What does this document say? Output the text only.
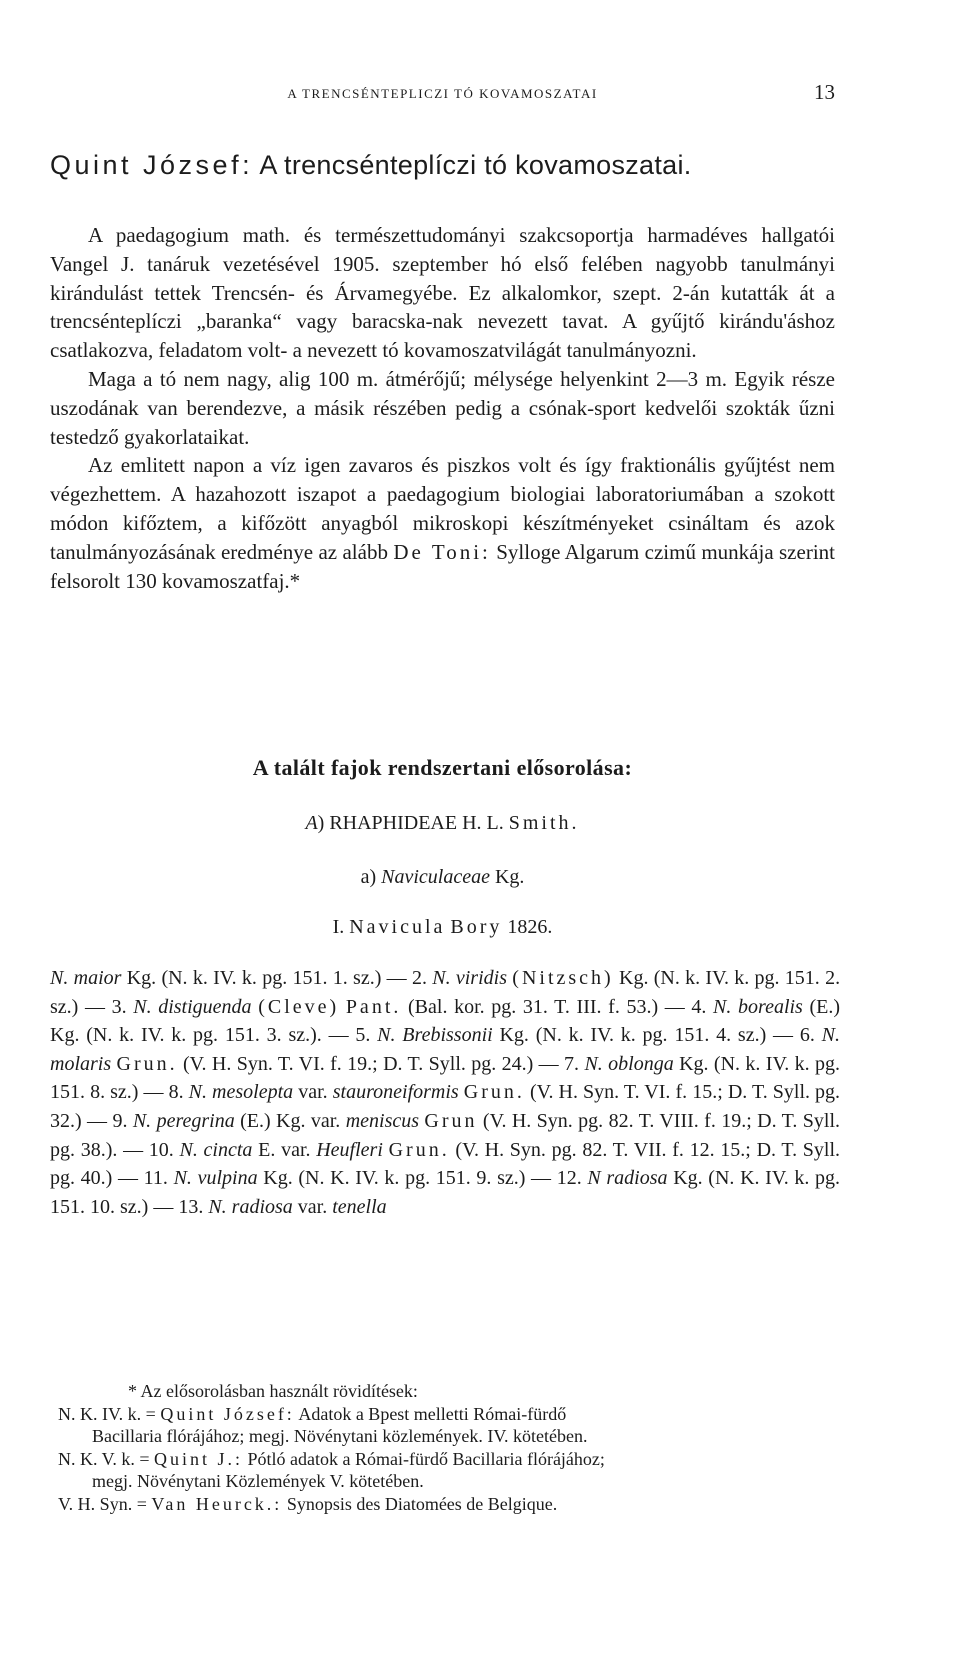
A TRENCSÉNTEPLICZI TÓ KOVAMOSZATAI	13
Quint József: A trencsénteplíczi tó kovamoszatai.

A paedagogium math. és természettudományi szakcsoportja harmadéves hallgatói Vangel J. tanáruk vezetésével 1905. szeptember hó első felében nagyobb tanulmányi kirándulást tettek Trencsén- és Árvamegyébe. Ez alkalomkor, szept. 2-án kutatták át a trencsénteplíczi „baranka“ vagy baracska-nak nevezett tavat. A gyűjtő kirándu'áshoz csatlakozva, feladatom volt- a nevezett tó kovamoszatvilágát tanulmányozni.

Maga a tó nem nagy, alig 100 m. átmérőjű; mélysége helyenkint 2—3 m. Egyik része uszodának van berendezve, a másik részében pedig a csónak-sport kedvelői szokták űzni testedző gyakorlataikat.

Az emlitett napon a víz igen zavaros és piszkos volt és így fraktionális gyűjtést nem végezhettem. A hazahozott iszapot a paedagogium biologiai laboratoriumában a szokott módon kifőztem, a kifőzött anyagból mikroskopi készítményeket csináltam és azok tanulmányozásának eredménye az alább De Toni: Sylloge Algarum czimű munkája szerint felsorolt 130 kovamoszatfaj.*

A talált fajok rendszertani elősorolása:
A) RHAPHIDEAE H. L. Smith.
a) Naviculaceae Kg.
I. Navicula Bory 1826.
N. maior Kg. (N. k. IV. k. pg. 151. 1. sz.) — 2. N. viridis (Nitzsch) Kg. (N. k. IV. k. pg. 151. 2. sz.) — 3. N. distiguenda (Cleve) Pant. (Bal. kor. pg. 31. T. III. f. 53.) — 4. N. borealis (E.) Kg. (N. k. IV. k. pg. 151. 3. sz.). — 5. N. Brebissonii Kg. (N. k. IV. k. pg. 151. 4. sz.) — 6. N. molaris Grun. (V. H. Syn. T. VI. f. 19.; D. T. Syll. pg. 24.) — 7. N. oblonga Kg. (N. k. IV. k. pg. 151. 8. sz.) — 8. N. mesolepta var. stauroneiformis Grun. (V. H. Syn. T. VI. f. 15.; D. T. Syll. pg. 32.) — 9. N. peregrina (E.) Kg. var. meniscus Grun (V. H. Syn. pg. 82. T. VIII. f. 19.; D. T. Syll. pg. 38.). — 10. N. cincta E. var. Heufleri Grun. (V. H. Syn. pg. 82. T. VII. f. 12. 15.; D. T. Syll. pg. 40.) — 11. N. vulpina Kg. (N. K. IV. k. pg. 151. 9. sz.) — 12. N radiosa Kg. (N. K. IV. k. pg. 151. 10. sz.) — 13. N. radiosa var. tenella

* Az elősorolásban használt rövidítések:

N. K. IV. k. = Quint József: Adatok a Bpest melletti Római-fürdő

Bacillaria flórájához; megj. Növénytani közlemények. IV. kötetében.

N. K. V. k. = Quint J.: Pótló adatok a Római-fürdő Bacillaria flórájához;

megj. Növénytani Közlemények V. kötetében.

V. H. Syn. = Van Heurck.: Synopsis des Diatomées de Belgique.
